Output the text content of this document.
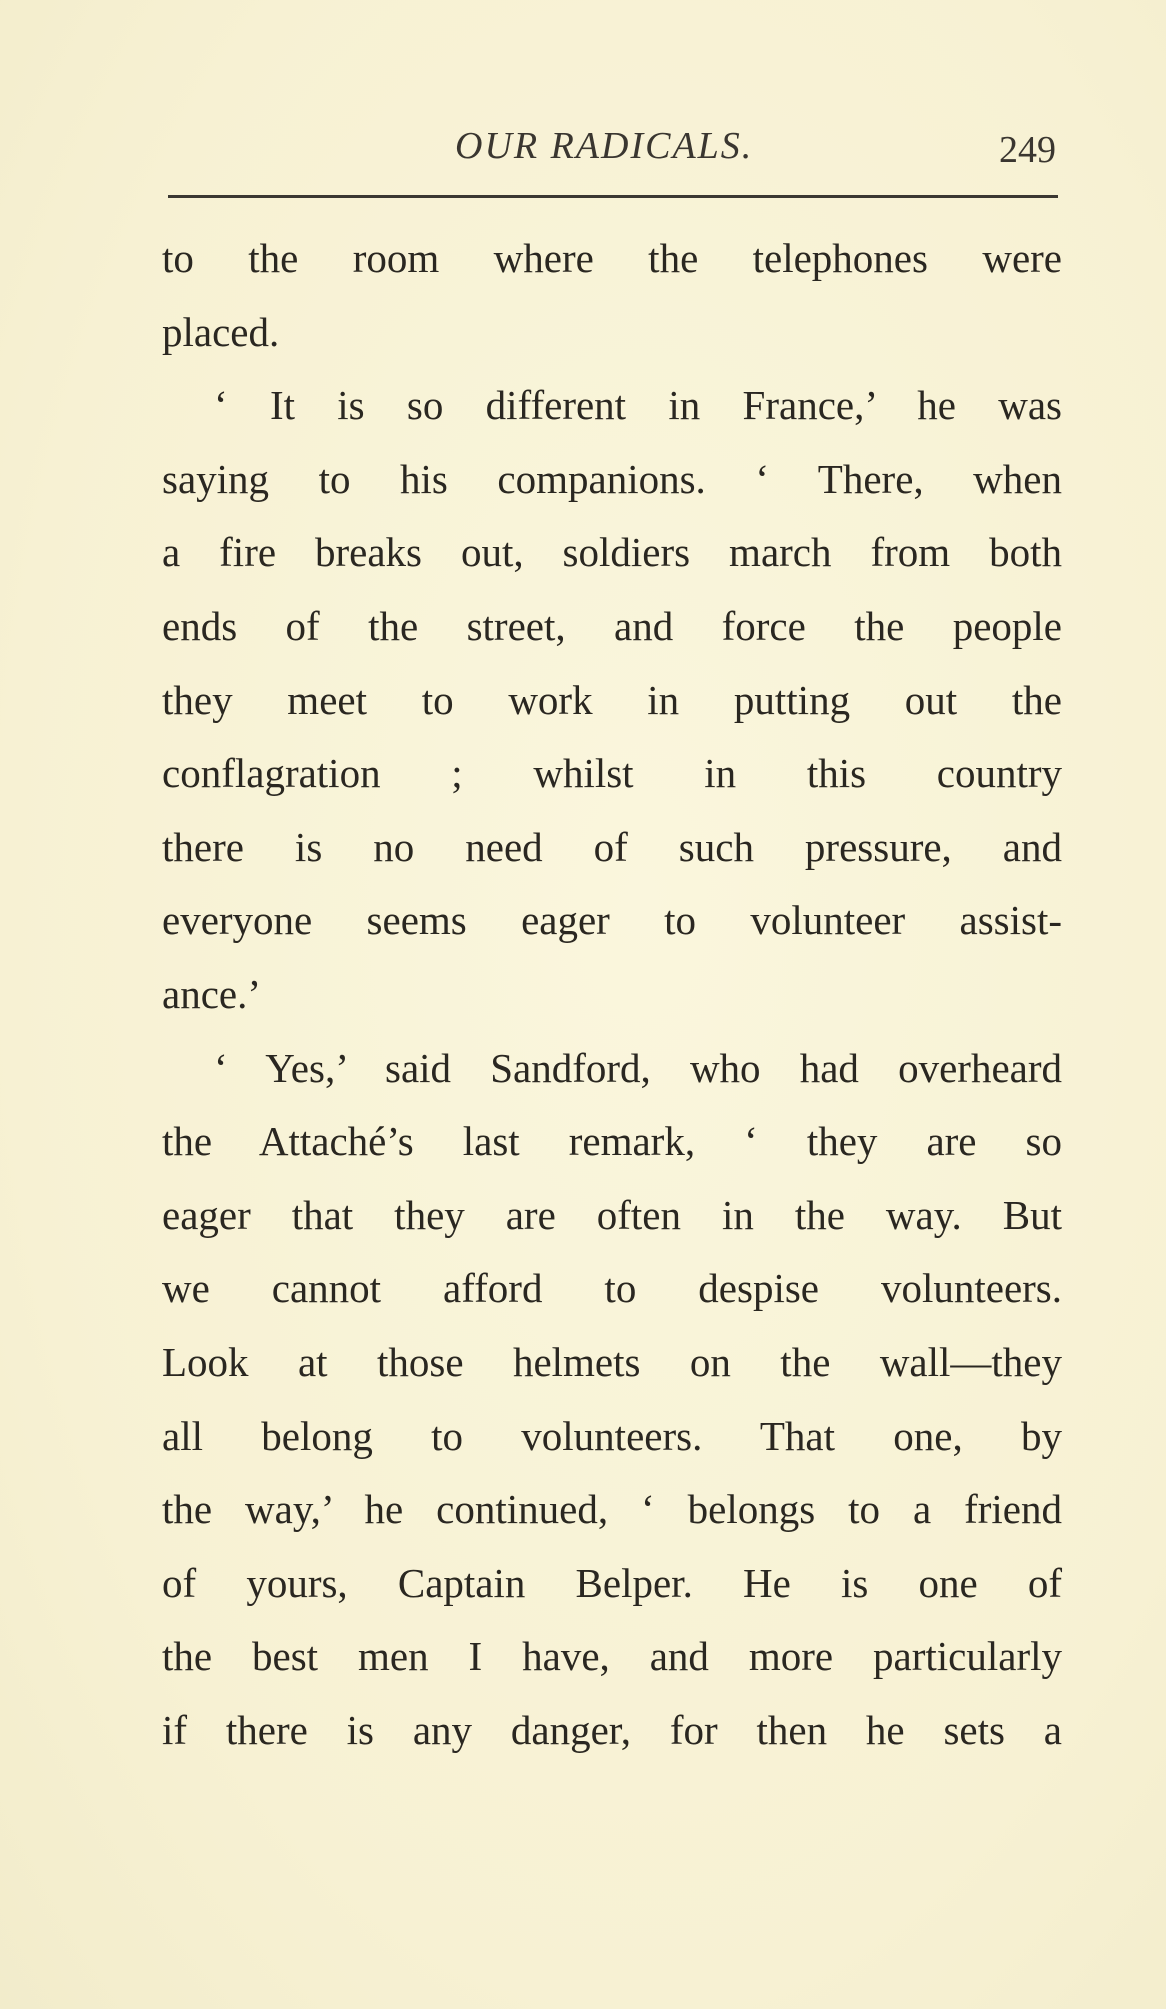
OUR RADICALS.	249
to the room where the telephones were
placed.
‘ It is so different in France,’ he was
saying to his companions. ‘ There, when
a fire breaks out, soldiers march from both
ends of the street, and force the people
they meet to work in putting out the
conflagration ; whilst in this country
there is no need of such pressure, and
everyone seems eager to volunteer assist-
ance.’
‘ Yes,’ said Sandford, who had overheard
the Attaché’s last remark, ‘ they are so
eager that they are often in the way. But
we cannot afford to despise volunteers.
Look at those helmets on the wall—they
all belong to volunteers. That one, by
the way,’ he continued, ‘ belongs to a friend
of yours, Captain Belper. He is one of
the best men I have, and more particularly
if there is any danger, for then he sets a
